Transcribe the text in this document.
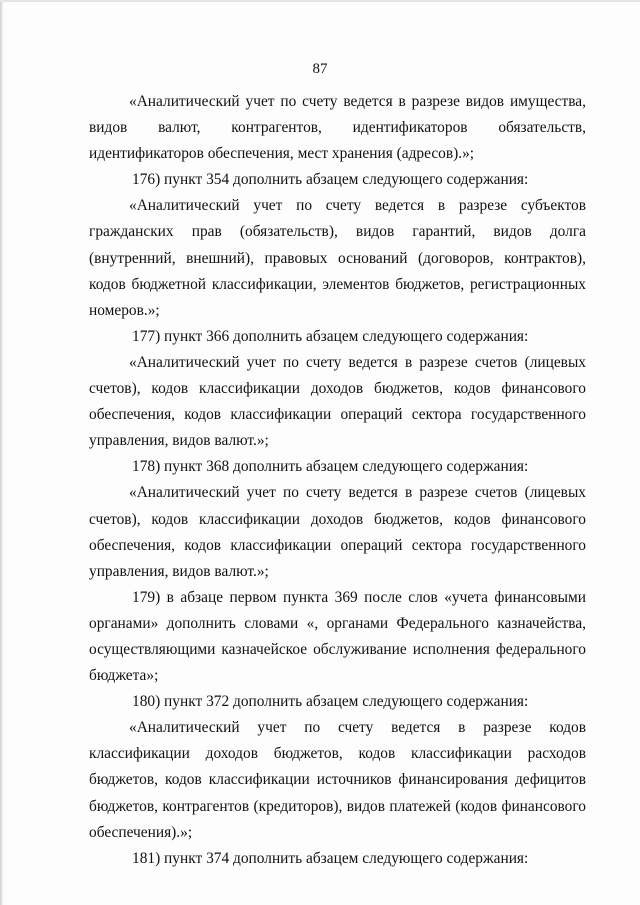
87

«Аналитический учет по счету ведется в разрезе видов имущества, видов валют, контрагентов, идентификаторов обязательств, идентификаторов обеспечения, мест хранения (адресов).»;

176) пункт 354 дополнить абзацем следующего содержания:

«Аналитический учет по счету ведется в разрезе субъектов гражданских прав (обязательств), видов гарантий, видов долга (внутренний, внешний), правовых оснований (договоров, контрактов), кодов бюджетной классификации, элементов бюджетов, регистрационных номеров.»;

177) пункт 366 дополнить абзацем следующего содержания:

«Аналитический учет по счету ведется в разрезе счетов (лицевых счетов), кодов классификации доходов бюджетов, кодов финансового обеспечения, кодов классификации операций сектора государственного управления, видов валют.»;

178) пункт 368 дополнить абзацем следующего содержания:

«Аналитический учет по счету ведется в разрезе счетов (лицевых счетов), кодов классификации доходов бюджетов, кодов финансового обеспечения, кодов классификации операций сектора государственного управления, видов валют.»;

179) в абзаце первом пункта 369 после слов «учета финансовыми органами» дополнить словами «, органами Федерального казначейства, осуществляющими казначейское обслуживание исполнения федерального бюджета»;

180) пункт 372 дополнить абзацем следующего содержания:

«Аналитический учет по счету ведется в разрезе кодов классификации доходов бюджетов, кодов классификации расходов бюджетов, кодов классификации источников финансирования дефицитов бюджетов, контрагентов (кредиторов), видов платежей (кодов финансового обеспечения).»;

181) пункт 374 дополнить абзацем следующего содержания:
